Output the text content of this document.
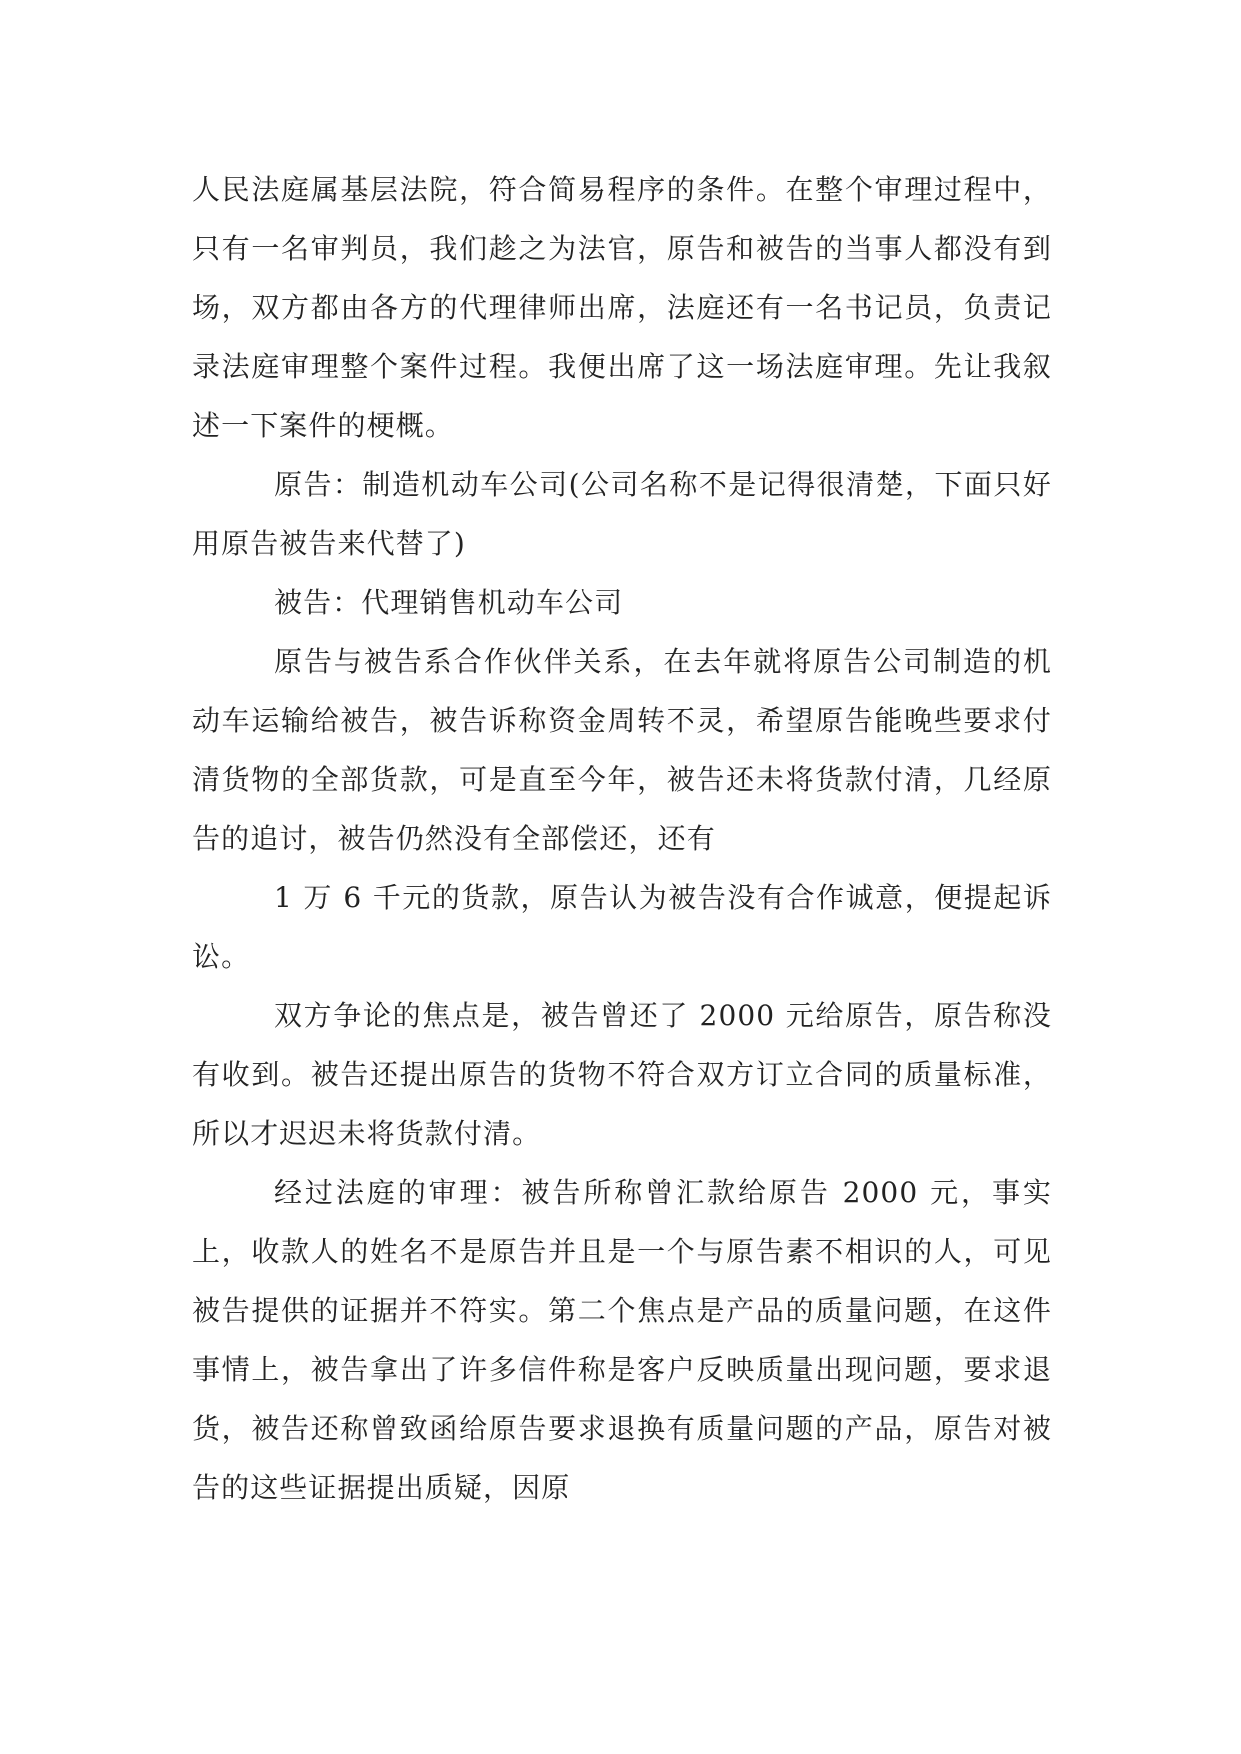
人民法庭属基层法院，符合简易程序的条件。在整个审理过程中，只有一名审判员，我们趁之为法官，原告和被告的当事人都没有到场，双方都由各方的代理律师出席，法庭还有一名书记员，负责记录法庭审理整个案件过程。我便出席了这一场法庭审理。先让我叙述一下案件的梗概。

原告：制造机动车公司(公司名称不是记得很清楚，下面只好用原告被告来代替了)

被告：代理销售机动车公司

原告与被告系合作伙伴关系，在去年就将原告公司制造的机动车运输给被告，被告诉称资金周转不灵，希望原告能晚些要求付清货物的全部货款，可是直至今年，被告还未将货款付清，几经原告的追讨，被告仍然没有全部偿还，还有

1 万 6 千元的货款，原告认为被告没有合作诚意，便提起诉讼。

双方争论的焦点是，被告曾还了 2000 元给原告，原告称没有收到。被告还提出原告的货物不符合双方订立合同的质量标准，所以才迟迟未将货款付清。

经过法庭的审理：被告所称曾汇款给原告 2000 元，事实上，收款人的姓名不是原告并且是一个与原告素不相识的人，可见被告提供的证据并不符实。第二个焦点是产品的质量问题，在这件事情上，被告拿出了许多信件称是客户反映质量出现问题，要求退货，被告还称曾致函给原告要求退换有质量问题的产品，原告对被告的这些证据提出质疑，因原
